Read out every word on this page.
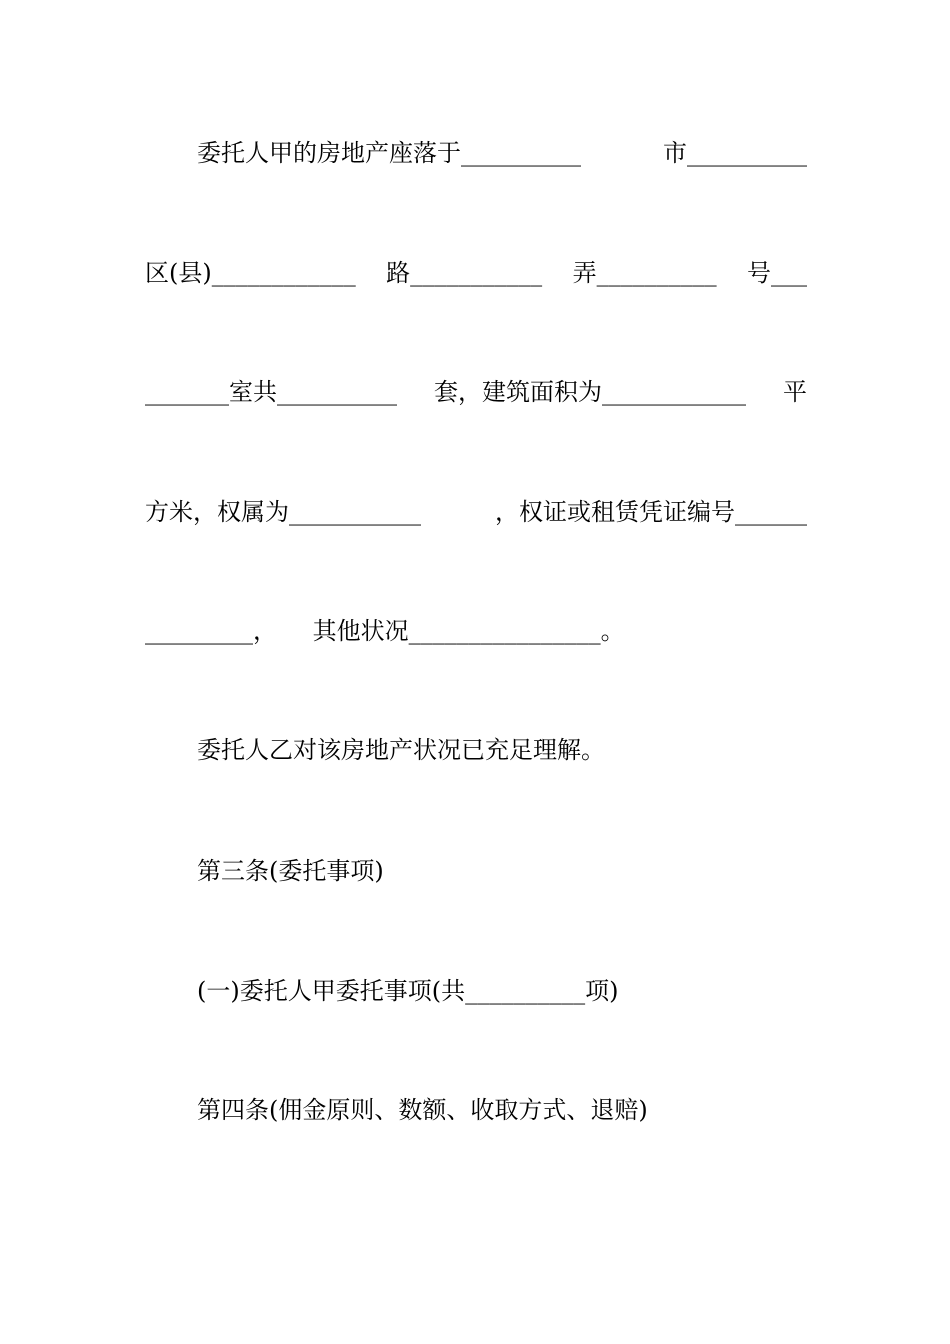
委托人甲的房地产座落于__________	市__________
区(县)____________ 路___________ 弄__________ 号___
_______室共__________ 套，建筑面积为____________ 平
方米，权属为___________	，权证或租赁凭证编号______
_________， 其他状况________________。
委托人乙对该房地产状况已充足理解。
第三条(委托事项)
(一)委托人甲委托事项(共__________项)
第四条(佣金原则、数额、收取方式、退赔)
